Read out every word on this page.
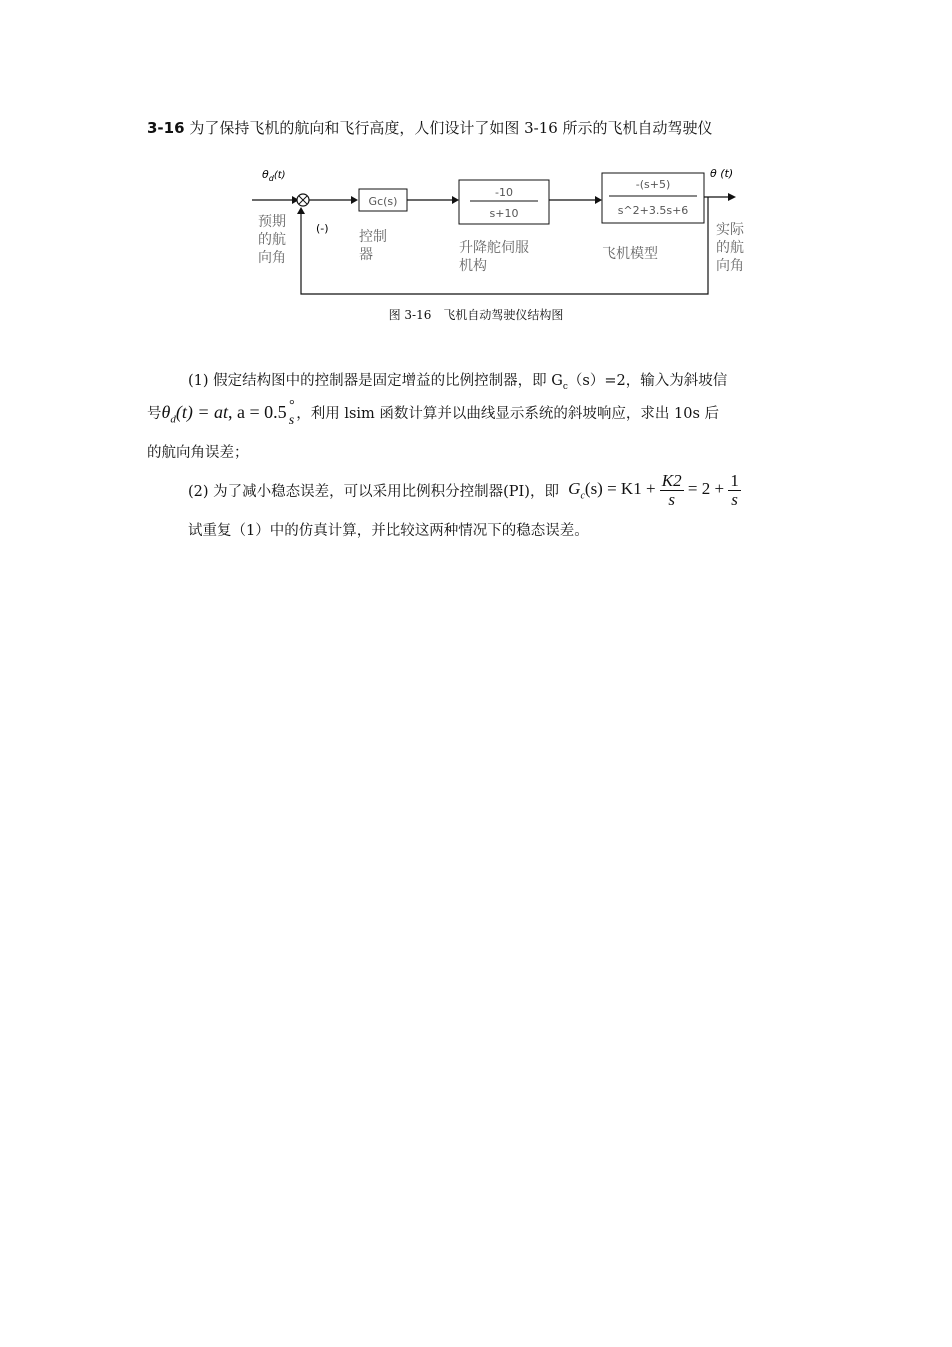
3-16 为了保持飞机的航向和飞行高度，人们设计了如图 3-16 所示的飞机自动驾驶仪
$\theta_d(t)$
(-)
Gc(s)
-10
s+10
-(s+5)
s^2+3.5s+6
θ (t)
预期
的航
向角
控制
器	升降舵伺服
机构
飞机模型
实际
的航
向角
图 3-16　飞机自动驾驶仪结构图
(1) 假定结构图中的控制器是固定增益的比例控制器，即 $G_c(s)=2$，输入为斜坡信
号$\theta_d(t)$ = at, a = 0.5 °
s ，利用 lsim 函数计算并以曲线显示系统的斜坡响应，求出 10s 后
的航向角误差；
(2) 为了减小稳态误差，可以采用比例积分控制器(PI)，即 $G_c(s) = K1 + \frac{K2}{s} = 2 + \frac{1}{s}$
试重复（1）中的仿真计算，并比较这两种情况下的稳态误差。
